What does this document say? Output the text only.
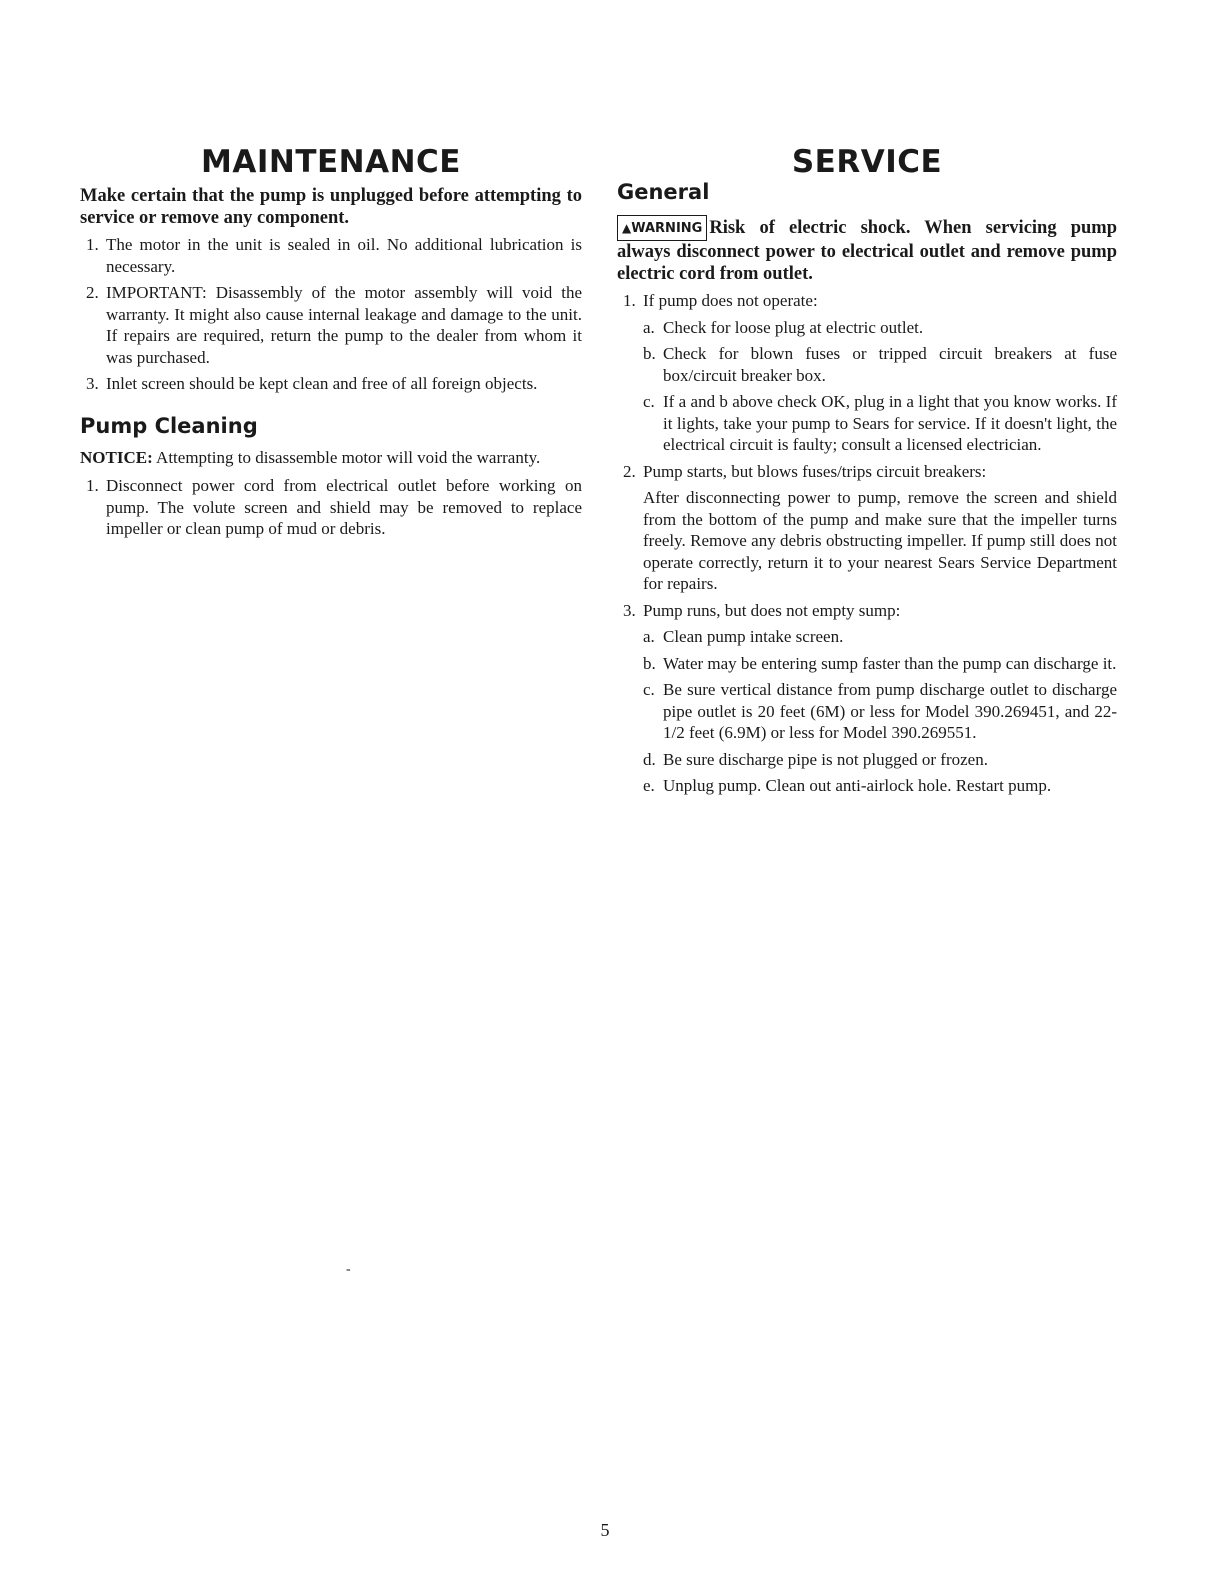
MAINTENANCE

Make certain that the pump is unplugged before attempting to service or remove any component.

1. The motor in the unit is sealed in oil. No additional lubrication is necessary.
2. IMPORTANT: Disassembly of the motor assembly will void the warranty. It might also cause internal leakage and damage to the unit. If repairs are required, return the pump to the dealer from whom it was purchased.
3. Inlet screen should be kept clean and free of all foreign objects.
Pump Cleaning
NOTICE: Attempting to disassemble motor will void the warranty.
1. Disconnect power cord from electrical outlet before working on pump. The volute screen and shield may be removed to replace impeller or clean pump of mud or debris.
SERVICE
General
▲WARNING Risk of electric shock. When servicing pump always disconnect power to electrical outlet and remove pump electric cord from outlet.
1. If pump does not operate:
a. Check for loose plug at electric outlet.
b. Check for blown fuses or tripped circuit breakers at fuse box/circuit breaker box.
c. If a and b above check OK, plug in a light that you know works. If it lights, take your pump to Sears for service. If it doesn't light, the electrical circuit is faulty; consult a licensed electrician.
2. Pump starts, but blows fuses/trips circuit breakers:
After disconnecting power to pump, remove the screen and shield from the bottom of the pump and make sure that the impeller turns freely. Remove any debris obstructing impeller. If pump still does not operate correctly, return it to your nearest Sears Service Department for repairs.
3. Pump runs, but does not empty sump:
a. Clean pump intake screen.
b. Water may be entering sump faster than the pump can discharge it.
c. Be sure vertical distance from pump discharge outlet to discharge pipe outlet is 20 feet (6M) or less for Model 390.269451, and 22-1/2 feet (6.9M) or less for Model 390.269551.
d. Be sure discharge pipe is not plugged or frozen.
e. Unplug pump. Clean out anti-airlock hole. Restart pump.
-
5
